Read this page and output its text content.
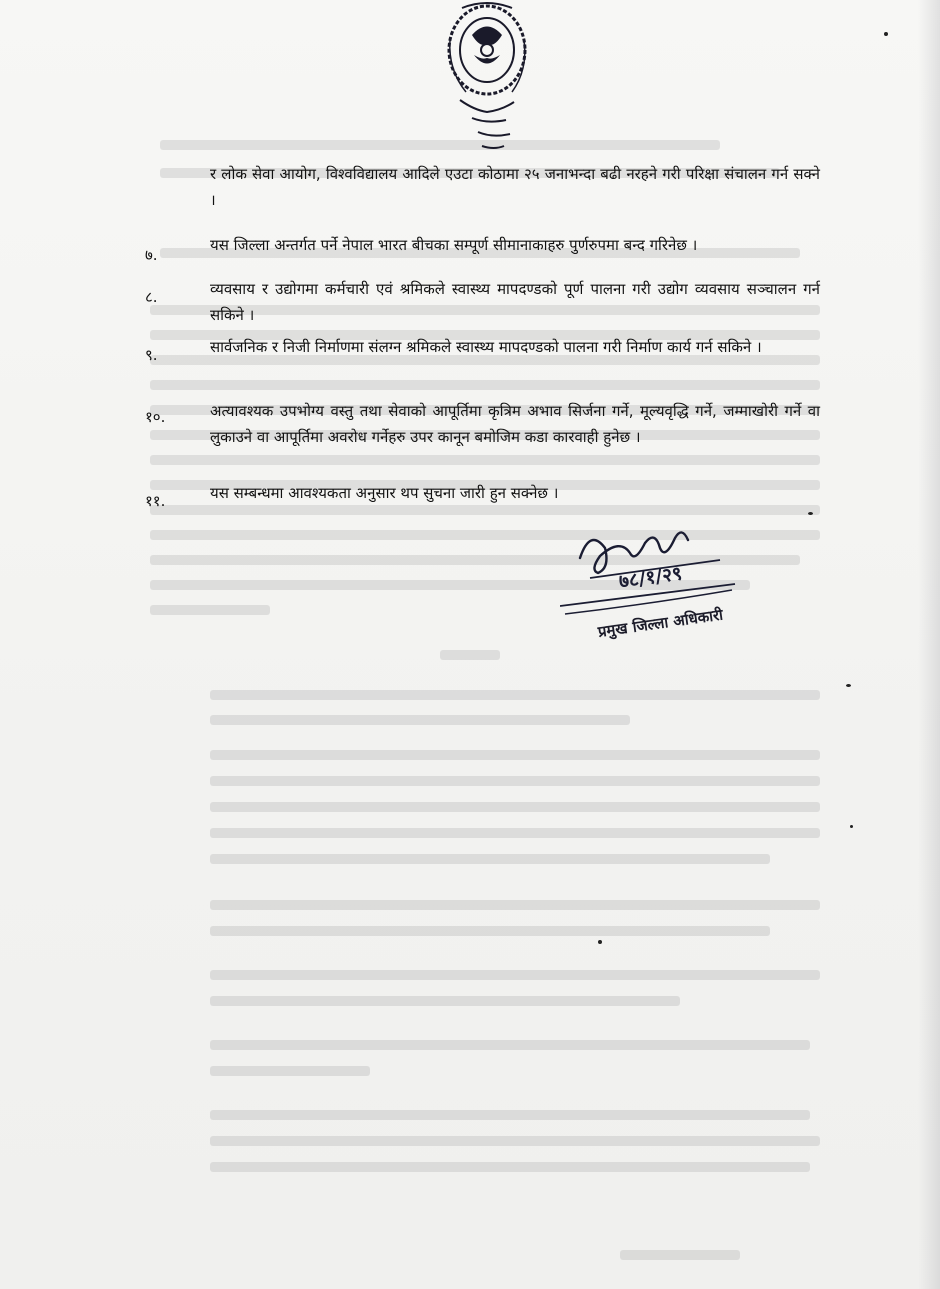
र लोक सेवा आयोग, विश्वविद्यालय आदिले एउटा कोठामा २५ जनाभन्दा बढी नरहने गरी परिक्षा संचालन गर्न सक्ने ।
७.
यस जिल्ला अन्तर्गत पर्ने नेपाल भारत बीचका सम्पूर्ण सीमानाकाहरु पुर्णरुपमा बन्द गरिनेछ ।
८.	व्यवसाय र उद्योगमा कर्मचारी एवं श्रमिकले स्वास्थ्य मापदण्डको पूर्ण पालना गरी उद्योग व्यवसाय सञ्चालन गर्न सकिने ।
९.	सार्वजनिक र निजी निर्माणमा संलग्न श्रमिकले स्वास्थ्य मापदण्डको पालना गरी निर्माण कार्य गर्न सकिने ।
१०.	अत्यावश्यक उपभोग्य वस्तु तथा सेवाको आपूर्तिमा कृत्रिम अभाव सिर्जना गर्ने, मूल्यवृद्धि गर्ने, जम्माखोरी गर्ने वा लुकाउने वा आपूर्तिमा अवरोध गर्नेहरु उपर कानून बमोजिम कडा कारवाही हुनेछ ।
११.	यस सम्बन्धमा आवश्यकता अनुसार थप सुचना जारी हुन सक्नेछ ।
७८/१/२९
प्रमुख जिल्ला अधिकारी
